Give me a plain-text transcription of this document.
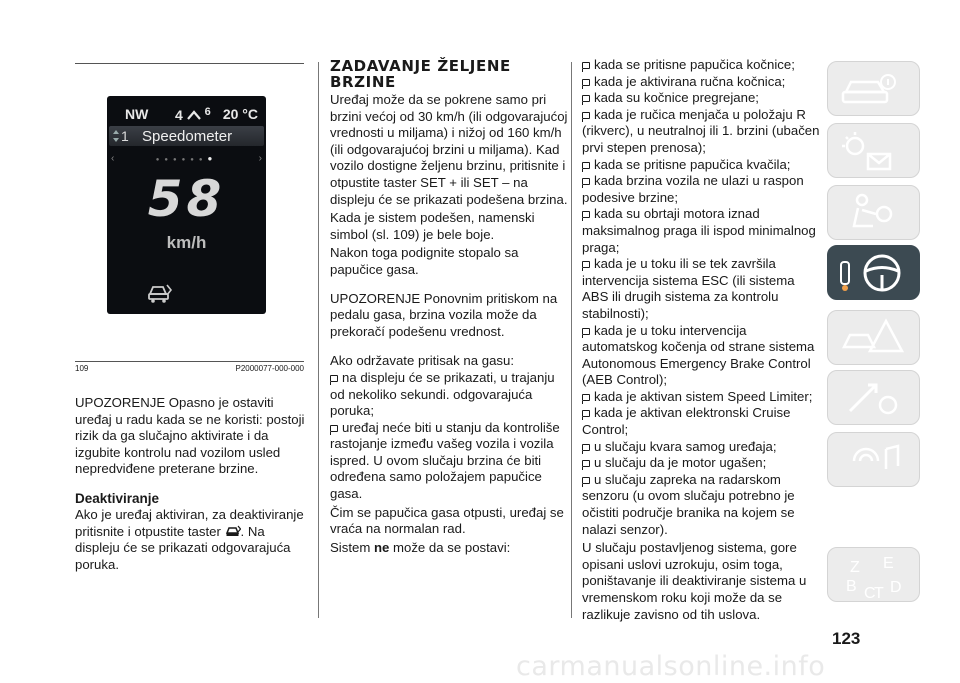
NW 4 $^6$ 20 °C
1 Speedometer
‹	›
●●●●●●●
58
km/h
109	P2000077-000-000

UPOZORENJE Opasno je ostaviti uređaj u radu kada se ne koristi: postoji rizik da ga slučajno aktivirate i da izgubite kontrolu nad vozilom usled nepredviđene preterane brzine.

Deaktiviranje

Ako je uređaj aktiviran, za deaktiviranje pritisnite i otpustite taster . Na displeju će se prikazati odgovarajuća poruka.

ZADAVANJE ŽELJENE
BRZINE

Uređaj može da se pokrene samo pri brzini većoj od 30 km/h (ili odgovarajućoj vrednosti u miljama) i nižoj od 160 km/h (ili odgovarajućoj brzini u miljama). Kad vozilo dostigne željenu brzinu, pritisnite i otpustite taster SET + ili SET – na displeju će se prikazati podešena brzina.

Kada je sistem podešen, namenski simbol (sl. 109) je bele boje.

Nakon toga podignite stopalo sa papučice gasa.

UPOZORENJE Ponovnim pritiskom na pedalu gasa, brzina vozila može da prekoračí podešenu vrednost.

Ako održavate pritisak na gasu:

na displeju će se prikazati, u trajanju od nekoliko sekundi. odgovarajuća poruka;
uređaj neće biti u stanju da kontroliše rastojanje između vašeg vozila i vozila ispred. U ovom slučaju brzina će biti određena samo položajem papučice gasa.

Čim se papučica gasa otpusti, uređaj se vraća na normalan rad.

Sistem ne može da se postavi:

kada se pritisne papučica kočnice;
kada je aktivirana ručna kočnica;
kada su kočnice pregrejane;
kada je ručica menjača u položaju R (rikverc), u neutralnoj ili 1. brzini (ubačen prvi stepen prenosa);
kada se pritisne papučica kvačila;
kada brzina vozila ne ulazi u raspon podesive brzine;
kada su obrtaji motora iznad maksimalnog praga ili ispod minimalnog praga;
kada je u toku ili se tek završila intervencija sistema ESC (ili sistema ABS ili drugih sistema za kontrolu stabilnosti);
kada je u toku intervencija automatskog kočenja od strane sistema Autonomous Emergency Brake Control (AEB Control);
kada je aktivan sistem Speed Limiter;
kada je aktivan elektronski Cruise Control;
u slučaju kvara samog uređaja;
u slučaju da je motor ugašen;
u slučaju zapreka na radarskom senzoru (u ovom slučaju potrebno je očistiti područje branika na kojem se nalazi senzor).

U slučaju postavljenog sistema, gore opisani uslovi uzrokuju, osim toga, poništavanje ili deaktiviranje sistema u vremenskom roku koji može da se razlikuje zavisno od tih uslova.

Z E
B C
T D
123
carmanualsonline.info
